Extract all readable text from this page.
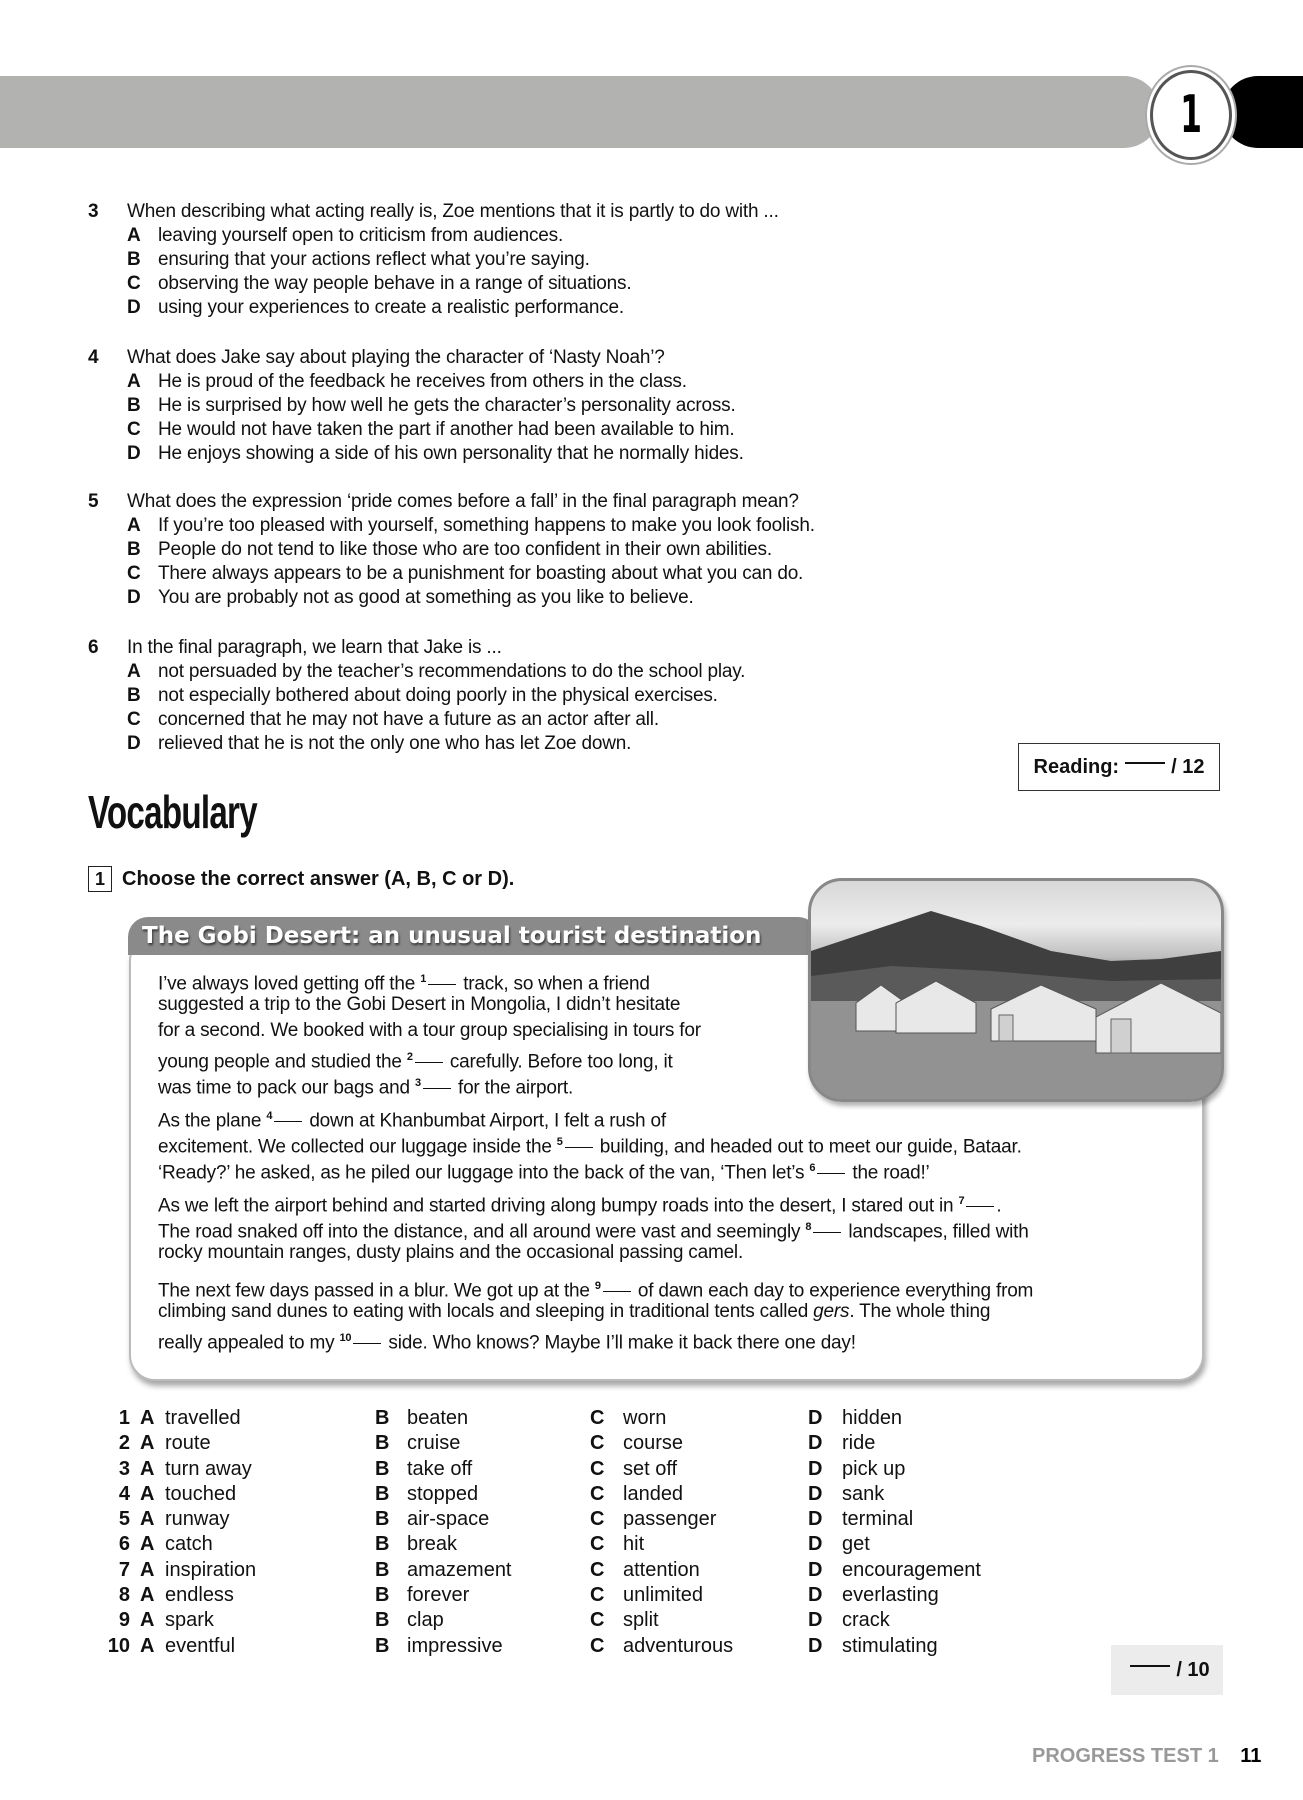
1
3 When describing what acting really is, Zoe mentions that it is partly to do with ...
A leaving yourself open to criticism from audiences.
B ensuring that your actions reflect what you’re saying.
C observing the way people behave in a range of situations.
D using your experiences to create a realistic performance.
4 What does Jake say about playing the character of ‘Nasty Noah’?
A He is proud of the feedback he receives from others in the class.
B He is surprised by how well he gets the character’s personality across.
C He would not have taken the part if another had been available to him.
D He enjoys showing a side of his own personality that he normally hides.
5 What does the expression ‘pride comes before a fall’ in the final paragraph mean?
A If you’re too pleased with yourself, something happens to make you look foolish.
B People do not tend to like those who are too confident in their own abilities.
C There always appears to be a punishment for boasting about what you can do.
D You are probably not as good at something as you like to believe.
6 In the final paragraph, we learn that Jake is ...
A not persuaded by the teacher’s recommendations to do the school play.
B not especially bothered about doing poorly in the physical exercises.
C concerned that he may not have a future as an actor after all.
D relieved that he is not the only one who has let Zoe down.
Reading:	/ 12
Vocabulary
1 Choose the correct answer (A, B, C or D).
The Gobi Desert: an unusual tourist destination
I’ve always loved getting off the $^1$ track, so when a friend
suggested a trip to the Gobi Desert in Mongolia, I didn’t hesitate
for a second. We booked with a tour group specialising in tours for
young people and studied the $^2$ carefully. Before too long, it
was time to pack our bags and $^3$ for the airport.
As the plane $^4$ down at Khanbumbat Airport, I felt a rush of
excitement. We collected our luggage inside the $^5$ building, and headed out to meet our guide, Bataar.
‘Ready?’ he asked, as he piled our luggage into the back of the van, ‘Then let’s $^6$ the road!’
As we left the airport behind and started driving along bumpy roads into the desert, I stared out in $^7$ .
The road snaked off into the distance, and all around were vast and seemingly $^8$ landscapes, filled with
rocky mountain ranges, dusty plains and the occasional passing camel.
The next few days passed in a blur. We got up at the $^9$ of dawn each day to experience everything from
climbing sand dunes to eating with locals and sleeping in traditional tents called gers. The whole thing
really appealed to my $^{10}$ side. Who knows? Maybe I’ll make it back there one day!
1 A travelled	B beaten	C worn	D hidden
2 A route	B cruise	C course	D ride
3 A turn away	B take off	C set off	D pick up
4 A touched	B stopped	C landed	D sank
5 A runway	B air-space	C passenger	D terminal
6 A catch	B break	C hit	D get
7 A inspiration	B amazement	C attention	D encouragement
8 A endless	B forever	C unlimited	D everlasting
9 A spark	B clap	C split	D crack
10 A eventful	B impressive	C adventurous	D stimulating
/ 10
PROGRESS TEST 1 11
